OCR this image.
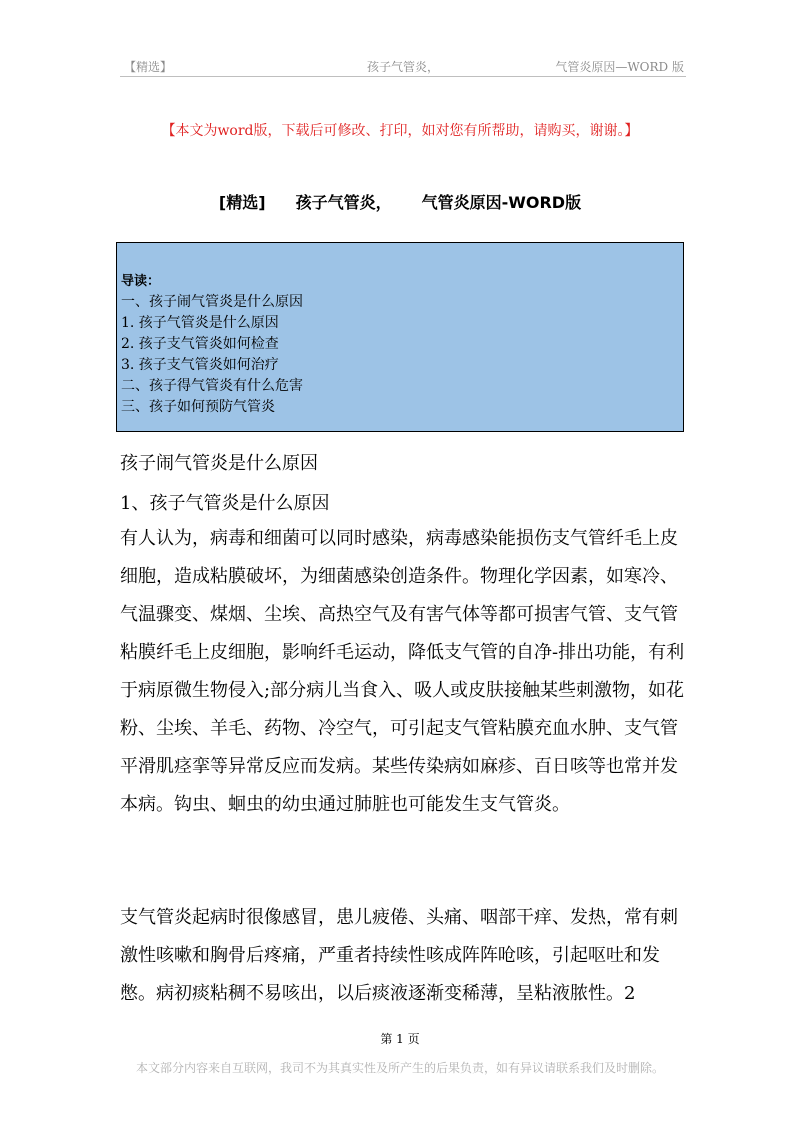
【精选】	孩子气管炎，	气管炎原因—WORD 版
【本文为word版，下载后可修改、打印，如对您有所帮助，请购买，谢谢。】
[精选] 孩子气管炎， 气管炎原因-WORD版
导读：
一、孩子闹气管炎是什么原因
1. 孩子气管炎是什么原因
2. 孩子支气管炎如何检查
3. 孩子支气管炎如何治疗
二、孩子得气管炎有什么危害
三、孩子如何预防气管炎
孩子闹气管炎是什么原因
1、孩子气管炎是什么原因
有人认为，病毒和细菌可以同时感染，病毒感染能损伤支气管纤毛上皮细胞，造成粘膜破坏，为细菌感染创造条件。物理化学因素，如寒冷、气温骤变、煤烟、尘埃、高热空气及有害气体等都可损害气管、支气管粘膜纤毛上皮细胞，影响纤毛运动，降低支气管的自净-排出功能，有利于病原微生物侵入;部分病儿当食入、吸人或皮肤接触某些刺激物，如花粉、尘埃、羊毛、药物、冷空气，可引起支气管粘膜充血水肿、支气管平滑肌痉挛等异常反应而发病。某些传染病如麻疹、百日咳等也常并发本病。钩虫、蛔虫的幼虫通过肺脏也可能发生支气管炎。
支气管炎起病时很像感冒，患儿疲倦、头痛、咽部干痒、发热，常有刺激性咳嗽和胸骨后疼痛，严重者持续性咳成阵阵呛咳，引起呕吐和发憋。病初痰粘稠不易咳出，以后痰液逐渐变稀薄，呈粘液脓性。2
第 1 页
本文部分内容来自互联网，我司不为其真实性及所产生的后果负责，如有异议请联系我们及时删除。
